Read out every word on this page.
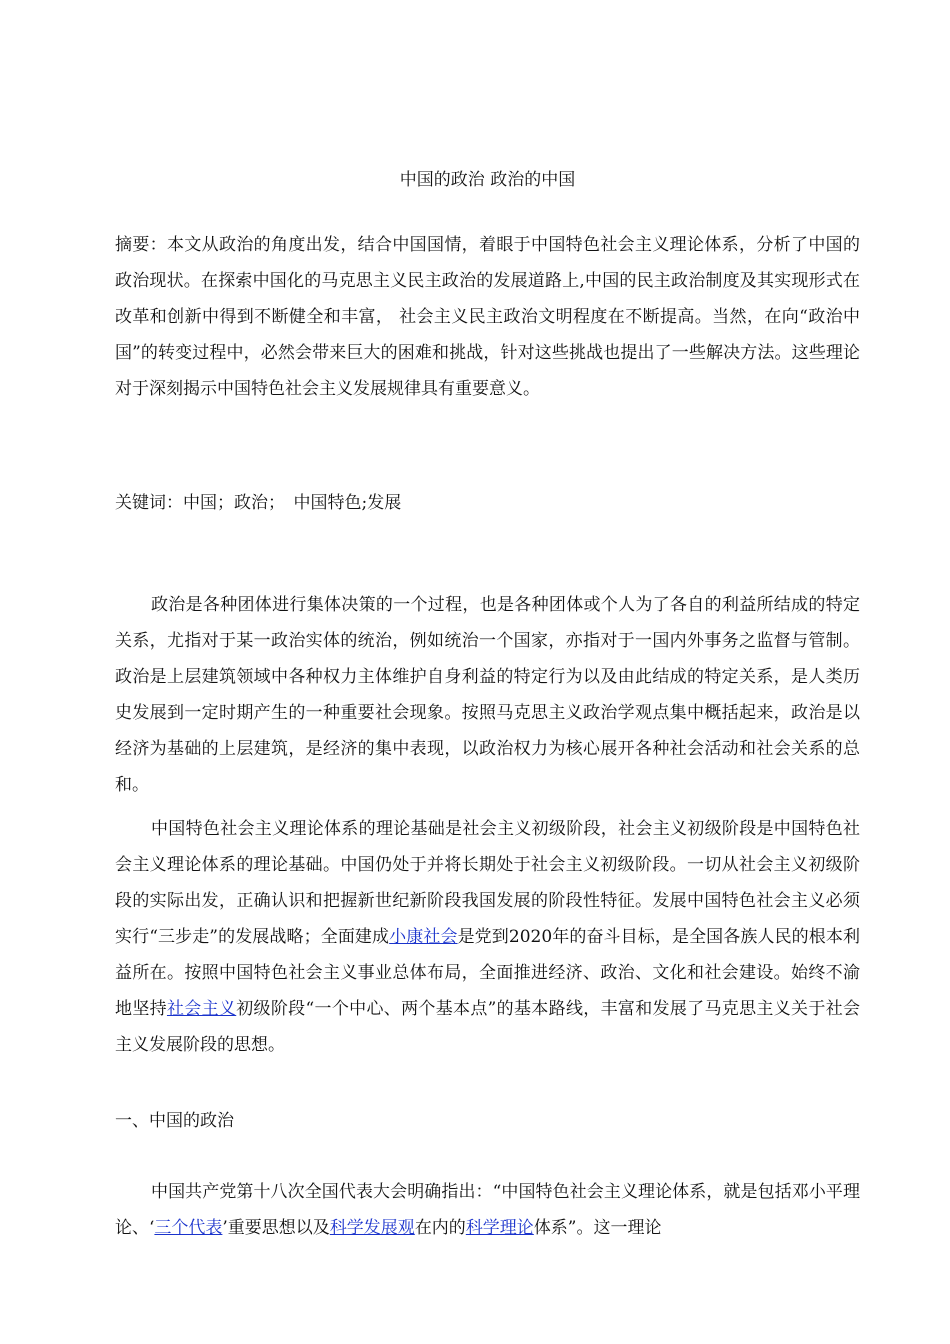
中国的政治 政治的中国

摘要：本文从政治的角度出发，结合中国国情，着眼于中国特色社会主义理论体系，分析了中国的政治现状。在探索中国化的马克思主义民主政治的发展道路上,中国的民主政治制度及其实现形式在改革和创新中得到不断健全和丰富， 社会主义民主政治文明程度在不断提高。当然，在向“政治中国”的转变过程中，必然会带来巨大的困难和挑战，针对这些挑战也提出了一些解决方法。这些理论对于深刻揭示中国特色社会主义发展规律具有重要意义。

关键词：中国；政治；　中国特色;发展

政治是各种团体进行集体决策的一个过程，也是各种团体或个人为了各自的利益所结成的特定关系，尤指对于某一政治实体的统治，例如统治一个国家，亦指对于一国内外事务之监督与管制。政治是上层建筑领域中各种权力主体维护自身利益的特定行为以及由此结成的特定关系，是人类历史发展到一定时期产生的一种重要社会现象。按照马克思主义政治学观点集中概括起来，政治是以经济为基础的上层建筑，是经济的集中表现，以政治权力为核心展开各种社会活动和社会关系的总和。

中国特色社会主义理论体系的理论基础是社会主义初级阶段，社会主义初级阶段是中国特色社会主义理论体系的理论基础。中国仍处于并将长期处于社会主义初级阶段。一切从社会主义初级阶段的实际出发，正确认识和把握新世纪新阶段我国发展的阶段性特征。发展中国特色社会主义必须实行“三步走”的发展战略；全面建成小康社会是党到2020年的奋斗目标，是全国各族人民的根本利益所在。按照中国特色社会主义事业总体布局，全面推进经济、政治、文化和社会建设。始终不渝地坚持社会主义初级阶段“一个中心、两个基本点”的基本路线，丰富和发展了马克思主义关于社会主义发展阶段的思想。

一、中国的政治

中国共产党第十八次全国代表大会明确指出：“中国特色社会主义理论体系，就是包括邓小平理论、‘三个代表’重要思想以及科学发展观在内的科学理论体系”。这一理论
